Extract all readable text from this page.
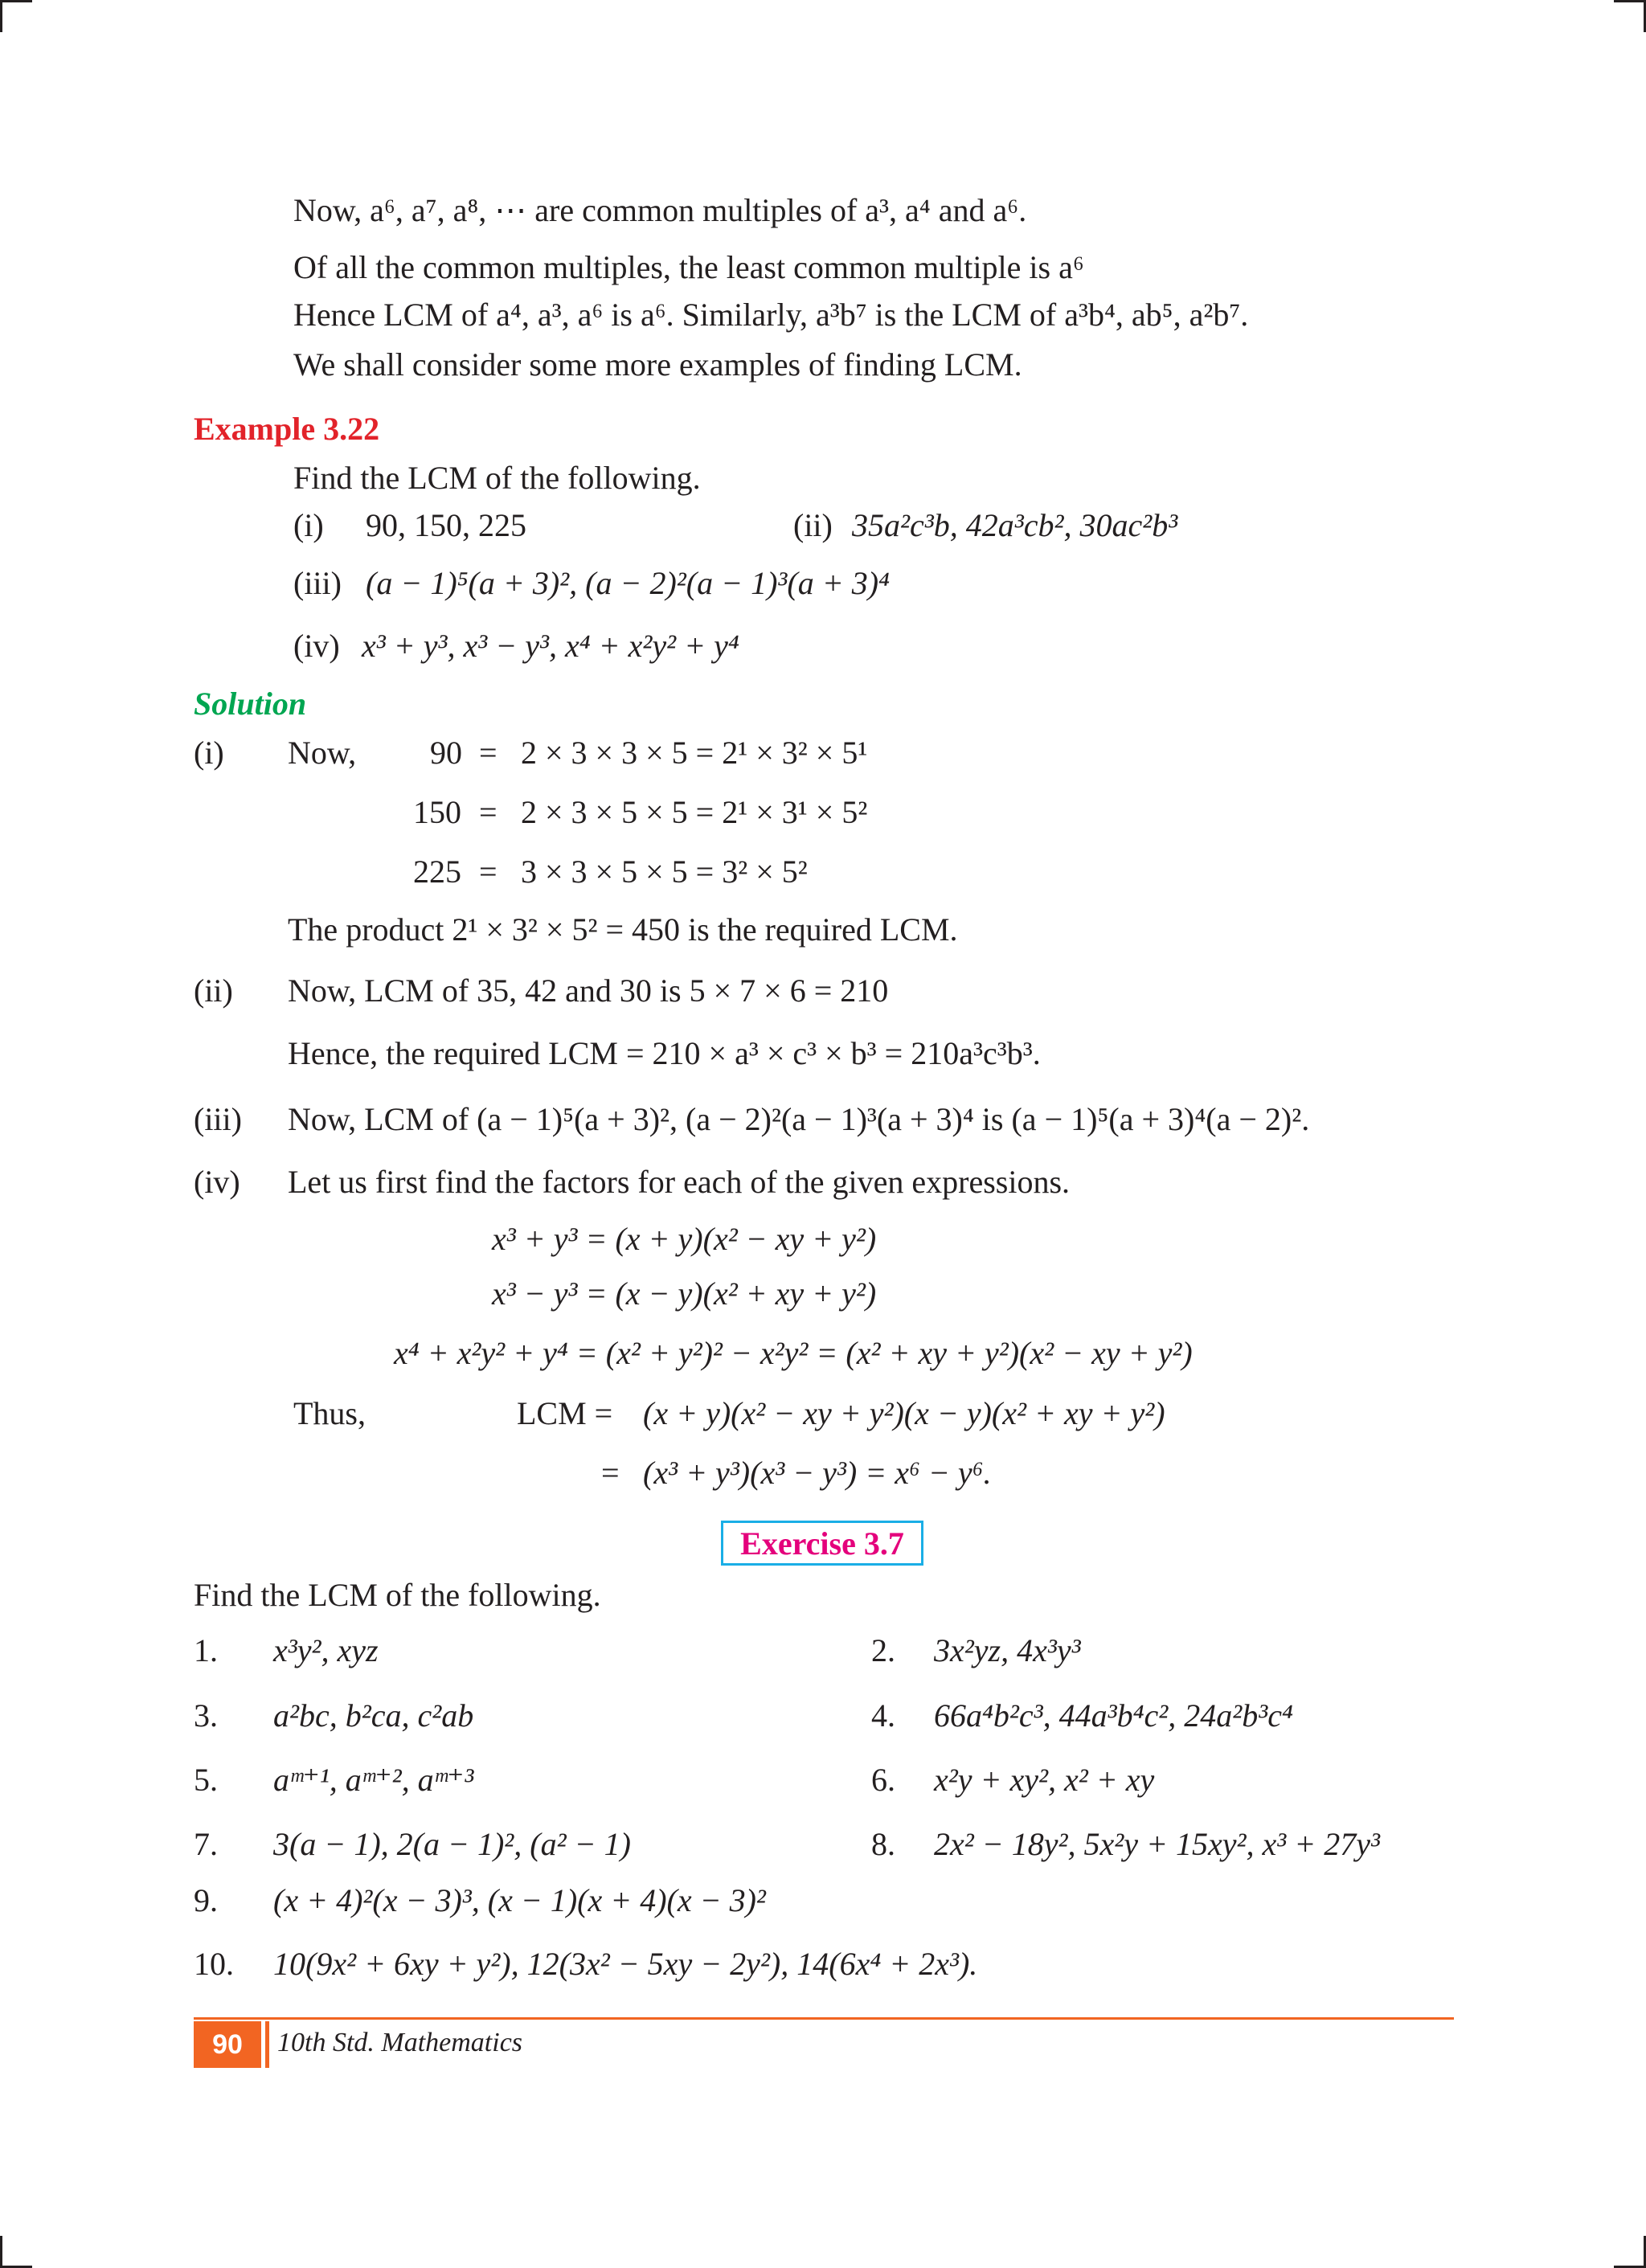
Now, a⁶, a⁷, a⁸, ⋯ are common multiples of a³, a⁴ and a⁶.
Of all the common multiples, the least common multiple is a⁶
Hence LCM of a⁴, a³, a⁶ is a⁶. Similarly, a³b⁷ is the LCM of a³b⁴, ab⁵, a²b⁷.
We shall consider some more examples of finding LCM.
Example 3.22
Find the LCM of the following.
(i) 90, 150, 225	(ii) 35a²c³b, 42a³cb², 30ac²b³
(iii) (a − 1)⁵(a + 3)², (a − 2)²(a − 1)³(a + 3)⁴
(iv) x³ + y³, x³ − y³, x⁴ + x²y² + y⁴
Solution
(i) Now, 90 = 2 × 3 × 3 × 5 = 2¹ × 3² × 5¹
150 = 2 × 3 × 5 × 5 = 2¹ × 3¹ × 5²
225 = 3 × 3 × 5 × 5 = 3² × 5²
The product 2¹ × 3² × 5² = 450 is the required LCM.
(ii) Now, LCM of 35, 42 and 30 is 5 × 7 × 6 = 210
Hence, the required LCM = 210 × a³ × c³ × b³ = 210a³c³b³.
(iii) Now, LCM of (a − 1)⁵(a + 3)², (a − 2)²(a − 1)³(a + 3)⁴ is (a − 1)⁵(a + 3)⁴(a − 2)².
(iv) Let us first find the factors for each of the given expressions.
x³ + y³ = (x + y)(x² − xy + y²)
x³ − y³ = (x − y)(x² + xy + y²)
x⁴ + x²y² + y⁴ = (x² + y²)² − x²y² = (x² + xy + y²)(x² − xy + y²)
Thus,	LCM = (x + y)(x² − xy + y²)(x − y)(x² + xy + y²)
= (x³ + y³)(x³ − y³) = x⁶ − y⁶.
Exercise 3.7
Find the LCM of the following.
1. x³y², xyz	2. 3x²yz, 4x³y³
3. a²bc, b²ca, c²ab	4. 66a⁴b²c³, 44a³b⁴c², 24a²b³c⁴
5. aᵐ⁺¹, aᵐ⁺², aᵐ⁺³	6. x²y + xy², x² + xy
7. 3(a − 1), 2(a − 1)², (a² − 1)	8. 2x² − 18y², 5x²y + 15xy², x³ + 27y³
9. (x + 4)²(x − 3)³, (x − 1)(x + 4)(x − 3)²
10. 10(9x² + 6xy + y²), 12(3x² − 5xy − 2y²), 14(6x⁴ + 2x³).
90	10th Std. Mathematics
